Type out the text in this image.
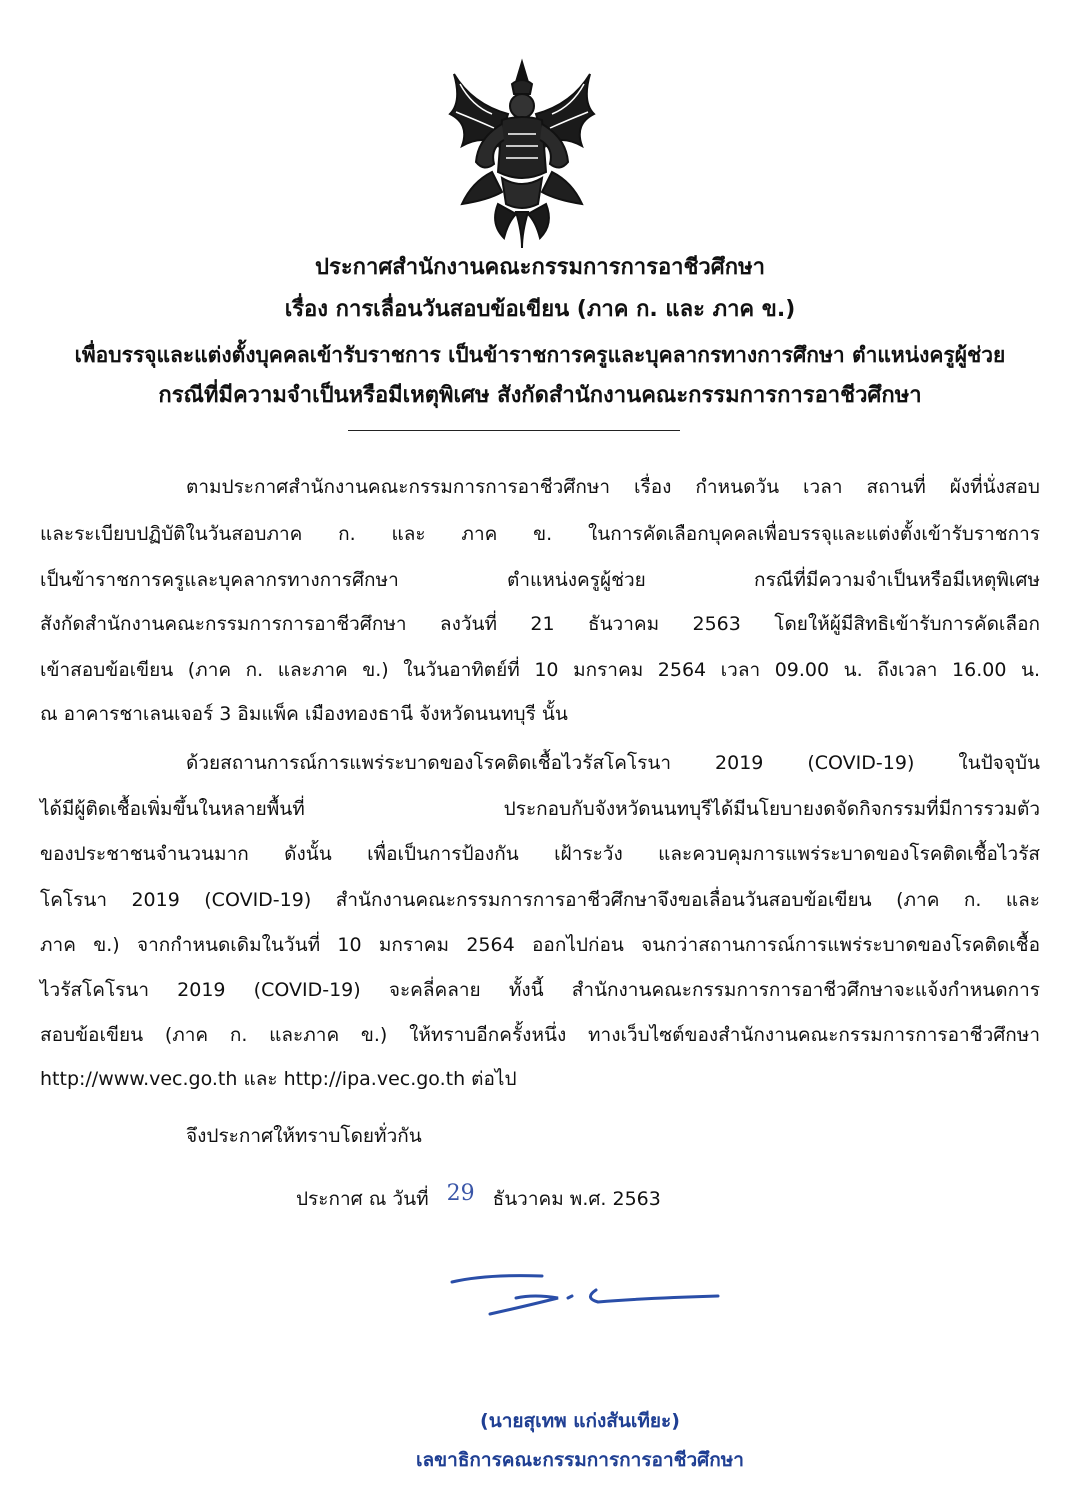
ประกาศสำนักงานคณะกรรมการการอาชีวศึกษา
เรื่อง การเลื่อนวันสอบข้อเขียน (ภาค ก. และ ภาค ข.)
เพื่อบรรจุและแต่งตั้งบุคคลเข้ารับราชการ เป็นข้าราชการครูและบุคลากรทางการศึกษา ตำแหน่งครูผู้ช่วย
กรณีที่มีความจำเป็นหรือมีเหตุพิเศษ สังกัดสำนักงานคณะกรรมการการอาชีวศึกษา
ตามประกาศสำนักงานคณะกรรมการการอาชีวศึกษา เรื่อง กำหนดวัน เวลา สถานที่ ผังที่นั่งสอบ
และระเบียบปฏิบัติในวันสอบภาค ก. และ ภาค ข. ในการคัดเลือกบุคคลเพื่อบรรจุและแต่งตั้งเข้ารับราชการ
เป็นข้าราชการครูและบุคลากรทางการศึกษา ตำแหน่งครูผู้ช่วย กรณีที่มีความจำเป็นหรือมีเหตุพิเศษ
สังกัดสำนักงานคณะกรรมการการอาชีวศึกษา ลงวันที่ 21 ธันวาคม 2563 โดยให้ผู้มีสิทธิเข้ารับการคัดเลือก
เข้าสอบข้อเขียน (ภาค ก. และภาค ข.) ในวันอาทิตย์ที่ 10 มกราคม 2564 เวลา 09.00 น. ถึงเวลา 16.00 น.
ณ อาคารชาเลนเจอร์ 3 อิมแพ็ค เมืองทองธานี จังหวัดนนทบุรี นั้น
ด้วยสถานการณ์การแพร่ระบาดของโรคติดเชื้อไวรัสโคโรนา 2019 (COVID-19) ในปัจจุบัน
ได้มีผู้ติดเชื้อเพิ่มขึ้นในหลายพื้นที่ ประกอบกับจังหวัดนนทบุรีได้มีนโยบายงดจัดกิจกรรมที่มีการรวมตัว
ของประชาชนจำนวนมาก ดังนั้น เพื่อเป็นการป้องกัน เฝ้าระวัง และควบคุมการแพร่ระบาดของโรคติดเชื้อไวรัส
โคโรนา 2019 (COVID-19) สำนักงานคณะกรรมการการอาชีวศึกษาจึงขอเลื่อนวันสอบข้อเขียน (ภาค ก. และ
ภาค ข.) จากกำหนดเดิมในวันที่ 10 มกราคม 2564 ออกไปก่อน จนกว่าสถานการณ์การแพร่ระบาดของโรคติดเชื้อ
ไวรัสโคโรนา 2019 (COVID-19) จะคลี่คลาย ทั้งนี้ สำนักงานคณะกรรมการการอาชีวศึกษาจะแจ้งกำหนดการ
สอบข้อเขียน (ภาค ก. และภาค ข.) ให้ทราบอีกครั้งหนึ่ง ทางเว็บไซต์ของสำนักงานคณะกรรมการการอาชีวศึกษา
http://www.vec.go.th และ http://ipa.vec.go.th ต่อไป
จึงประกาศให้ทราบโดยทั่วกัน
ประกาศ ณ วันที่ 29 ธันวาคม พ.ศ. 2563
(นายสุเทพ แก่งสันเทียะ)
เลขาธิการคณะกรรมการการอาชีวศึกษา
